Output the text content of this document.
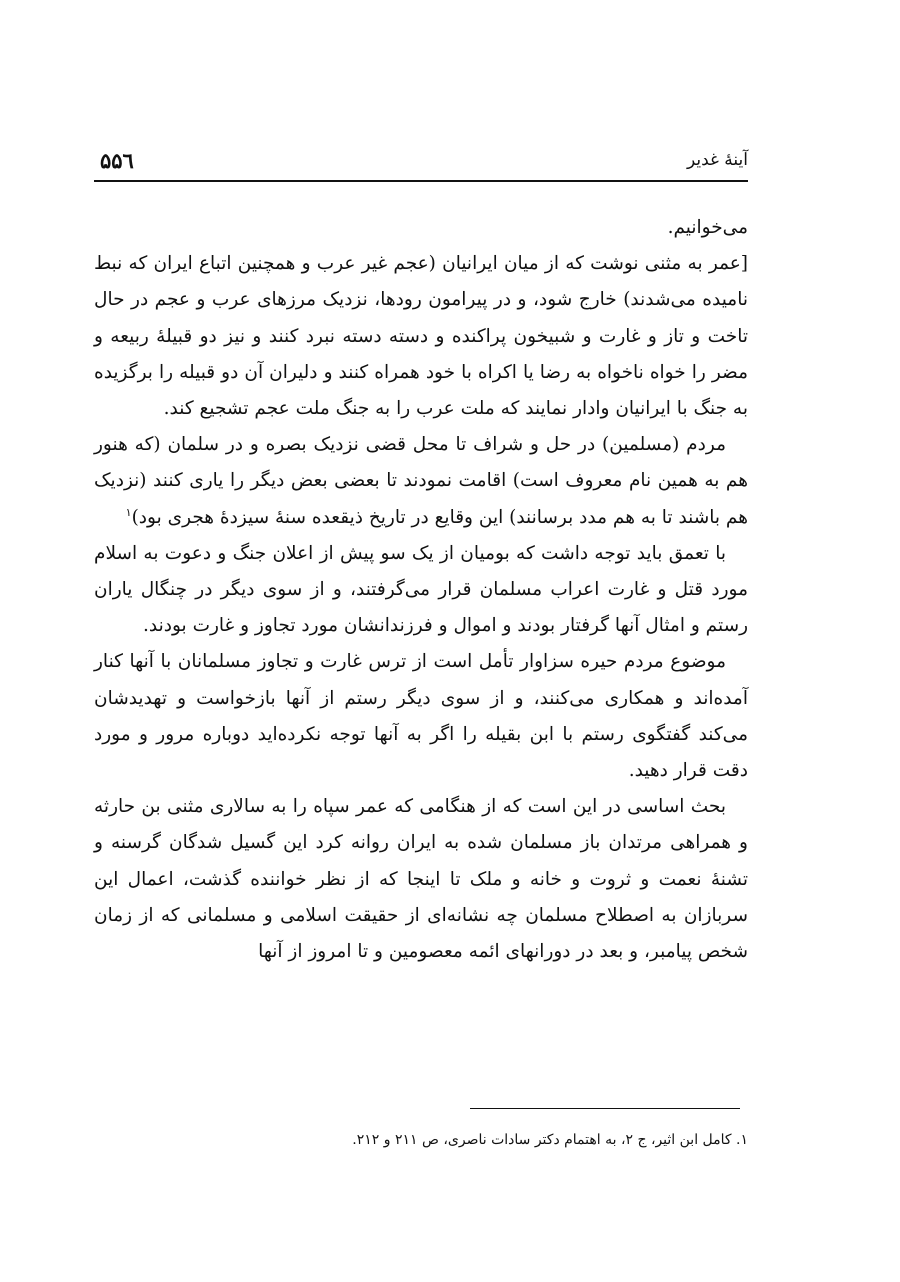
۵۵٦	آینهٔ غدیر

می‌خوانیم.

[عمر به مثنی نوشت که از میان ایرانیان (عجم غیر عرب و همچنین اتباع ایران که نبط نامیده می‌شدند) خارج شود، و در پیرامون رودها، نزدیک مرزهای عرب و عجم در حال تاخت و تاز و غارت و شبیخون پراکنده و دسته دسته نبرد کنند و نیز دو قبیلهٔ ربیعه و مضر را خواه ناخواه به رضا یا اکراه با خود همراه کنند و دلیران آن دو قبیله را برگزیده به جنگ با ایرانیان وادار نمایند که ملت عرب را به جنگ ملت عجم تشجیع کند.

مردم (مسلمین) در حل و شراف تا محل قضی نزدیک بصره و در سلمان (که هنور هم به همین نام معروف است) اقامت نمودند تا بعضی بعض دیگر را یاری کنند (نزدیک هم باشند تا به هم مدد برسانند) این وقایع در تاریخ ذیقعده سنهٔ سیزدهٔ هجری بود)$^۱$

با تعمق باید توجه داشت که بومیان از یک سو پیش از اعلان جنگ و دعوت به اسلام مورد قتل و غارت اعراب مسلمان قرار می‌گرفتند، و از سوی دیگر در چنگال یاران رستم و امثال آنها گرفتار بودند و اموال و فرزندانشان مورد تجاوز و غارت بودند.

موضوع مردم حیره سزاوار تأمل است از ترس غارت و تجاوز مسلمانان با آنها کنار آمده‌اند و همکاری می‌کنند، و از سوی دیگر رستم از آنها بازخواست و تهدیدشان می‌کند گفتگوی رستم با ابن بقیله را اگر به آنها توجه نکرده‌اید دوباره مرور و مورد دقت قرار دهید.

بحث اساسی در این است که از هنگامی که عمر سپاه را به سالاری مثنی بن حارثه و همراهی مرتدان باز مسلمان شده به ایران روانه کرد این گسیل شدگان گرسنه و تشنهٔ نعمت و ثروت و خانه و ملک تا اینجا که از نظر خواننده گذشت، اعمال این سربازان به اصطلاح مسلمان چه نشانه‌ای از حقیقت اسلامی و مسلمانی که از زمان شخص پیامبر، و بعد در دورانهای ائمه معصومین و تا امروز از آنها

۱. کامل ابن اثیر، ج ۲، به اهتمام دکتر سادات ناصری، ص ۲۱۱ و ۲۱۲.
